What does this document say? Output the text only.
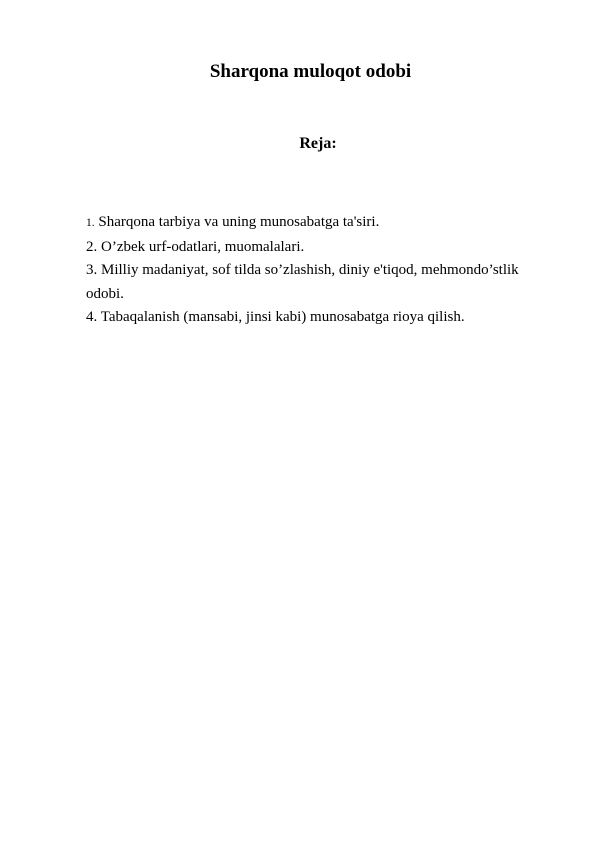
Sharqona muloqot odobi
Reja:
1. Sharqona tarbiya va uning munosabatga ta'siri.
2. O’zbek urf-odatlari, muomalalari.
3. Milliy madaniyat, sof tilda so’zlashish, diniy e'tiqod, mehmondo’stlik odobi.
4. Tabaqalanish (mansabi, jinsi kabi) munosabatga rioya qilish.
